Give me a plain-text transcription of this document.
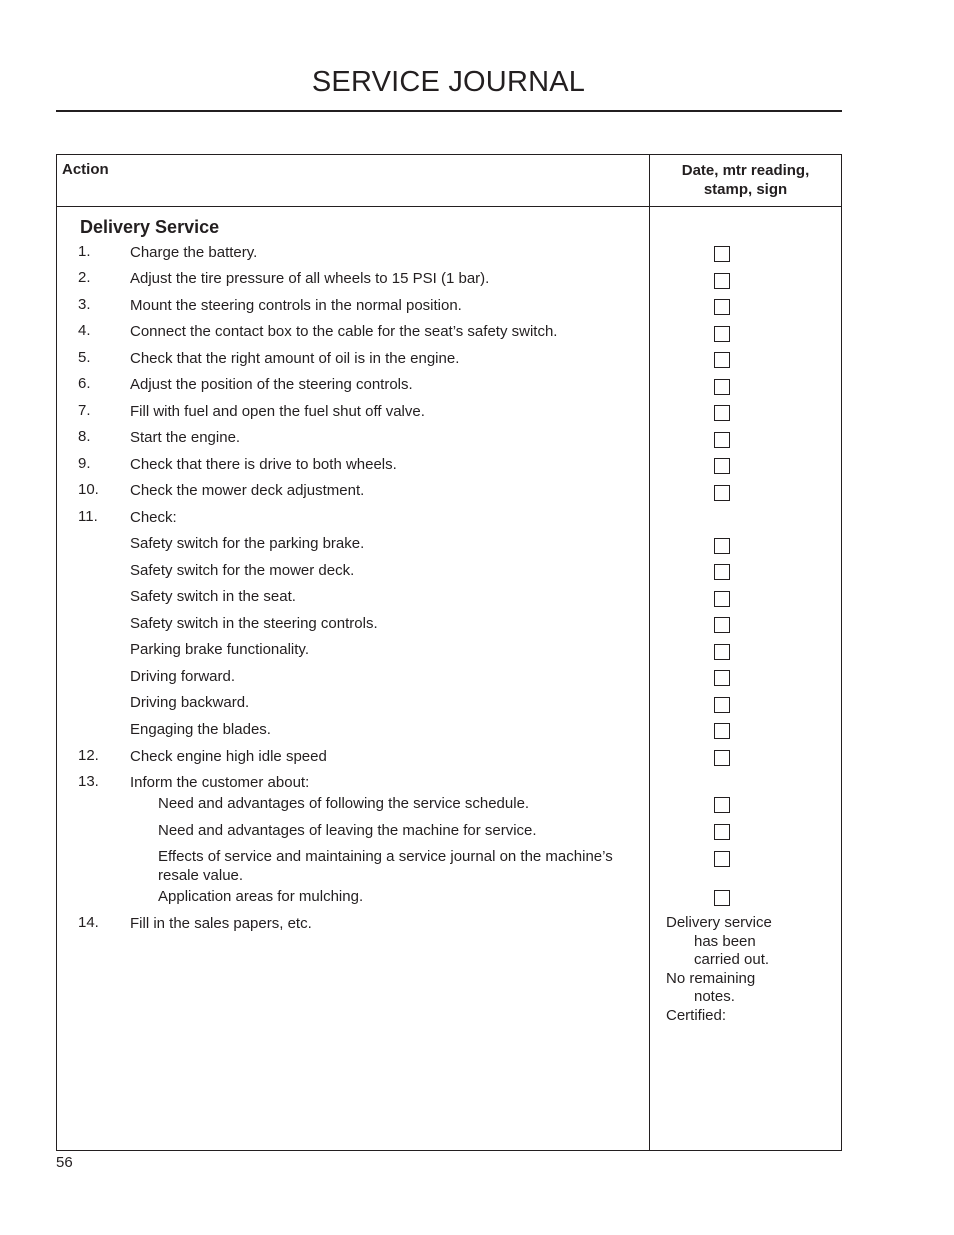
SERVICE JOURNAL
Action	Date, mtr reading,
stamp, sign
Delivery Service
1.	Charge the battery.
2.	Adjust the tire pressure of all wheels to 15 PSI (1 bar).
3.	Mount the steering controls in the normal position.
4.	Connect the contact box to the cable for the seat’s safety switch.
5.	Check that the right amount of oil is in the engine.
6.	Adjust the position of the steering controls.
7.	Fill with fuel and open the fuel shut off valve.
8.	Start the engine.
9.	Check that there is drive to both wheels.
10. Check the mower deck adjustment.
11. Check:
Safety switch for the parking brake.
Safety switch for the mower deck.
Safety switch in the seat.
Safety switch in the steering controls.
Parking brake functionality.
Driving forward.
Driving backward.
Engaging the blades.
12. Check engine high idle speed
13. Inform the customer about:
Need and advantages of following the service schedule.
Need and advantages of leaving the machine for service.
Effects of service and maintaining a service journal on the machine’s resale value.
Application areas for mulching.
14. Fill in the sales papers, etc.	Delivery service
has been
carried out.
No remaining
notes.
Certified:
56
